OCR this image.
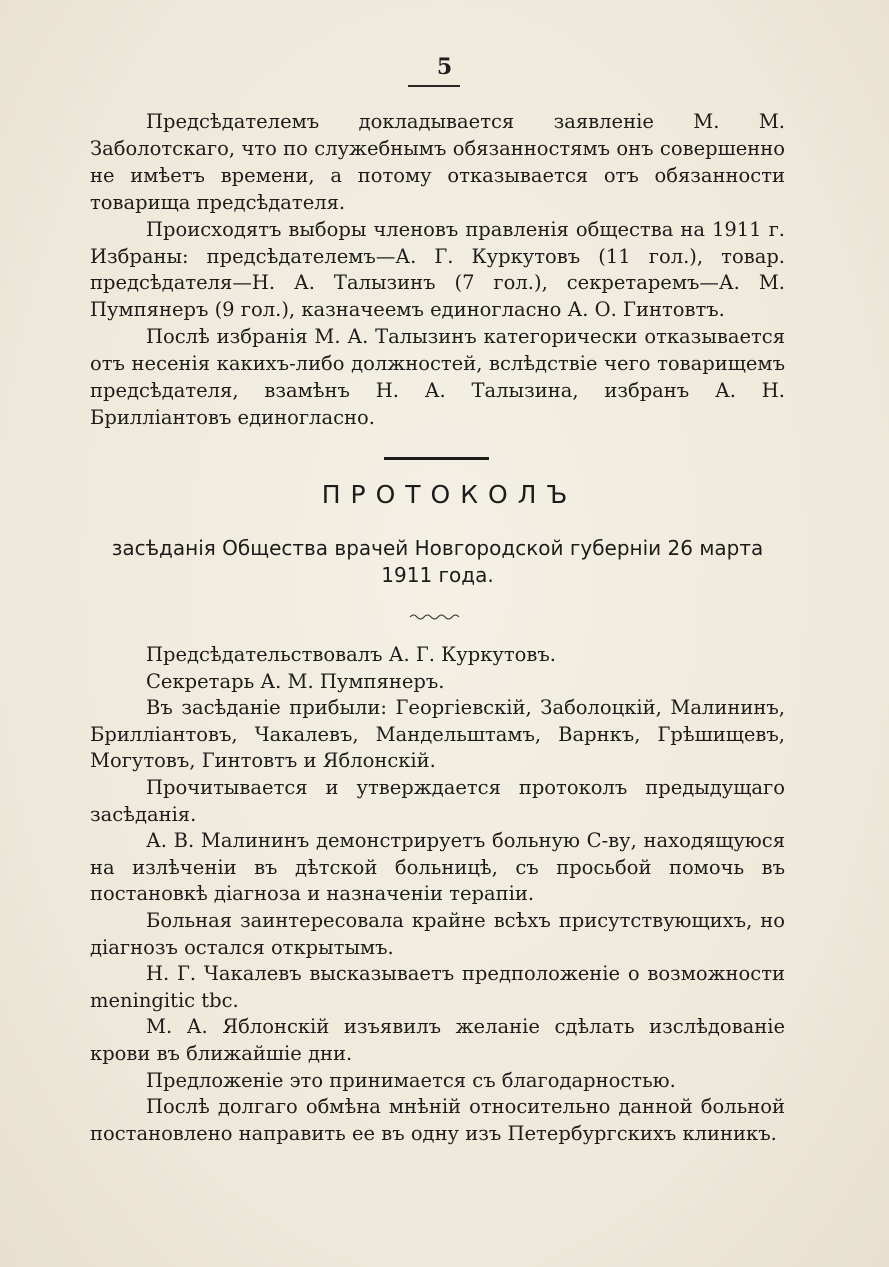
5

Предсѣдателемъ докладывается заявленіе М. М. Заболотскаго, что по служебнымъ обязанностямъ онъ совершенно не имѣетъ времени, а потому отказывается отъ обязанности товарища предсѣдателя.

Происходятъ выборы членовъ правленія общества на 1911 г. Избраны: предсѣдателемъ—А. Г. Куркутовъ (11 гол.), товар. предсѣдателя—Н. А. Талызинъ (7 гол.), секретаремъ—А. М. Пумпянеръ (9 гол.), казначеемъ единогласно А. О. Гинтовтъ.

Послѣ избранія М. А. Талызинъ категорически отказывается отъ несенія какихъ-либо должностей, вслѣдствіе чего товарищемъ предсѣдателя, взамѣнъ Н. А. Талызина, избранъ А. Н. Бриллiантовъ единогласно.

ПРОТОКОЛЪ
засѣданія Общества врачей Новгородской губерніи 26 марта 1911 года.

Предсѣдательствовалъ А. Г. Куркутовъ.

Секретарь А. М. Пумпянеръ.

Въ засѣданіе прибыли: Георгіевскій, Заболоцкій, Малининъ, Бриллiантовъ, Чакалевъ, Мандельштамъ, Варнкъ, Грѣшищевъ, Могутовъ, Гинтовтъ и Яблонскій.

Прочитывается и утверждается протоколъ предыдущаго засѣданія.

А. В. Малининъ демонстрируетъ больную С-ву, находящуюся на излѣченіи въ дѣтской больницѣ, съ просьбой помочь въ постановкѣ діагноза и назначеніи терапіи.

Больная заинтересовала крайне всѣхъ присутствующихъ, но діагнозъ остался открытымъ.

Н. Г. Чакалевъ высказываетъ предположеніе о возможности meningitic tbc.

М. А. Яблонскій изъявилъ желаніе сдѣлать изслѣдованіе крови въ ближайшіе дни.

Предложеніе это принимается съ благодарностью.

Послѣ долгаго обмѣна мнѣній относительно данной больной постановлено направить ее въ одну изъ Петербургскихъ клиникъ.
